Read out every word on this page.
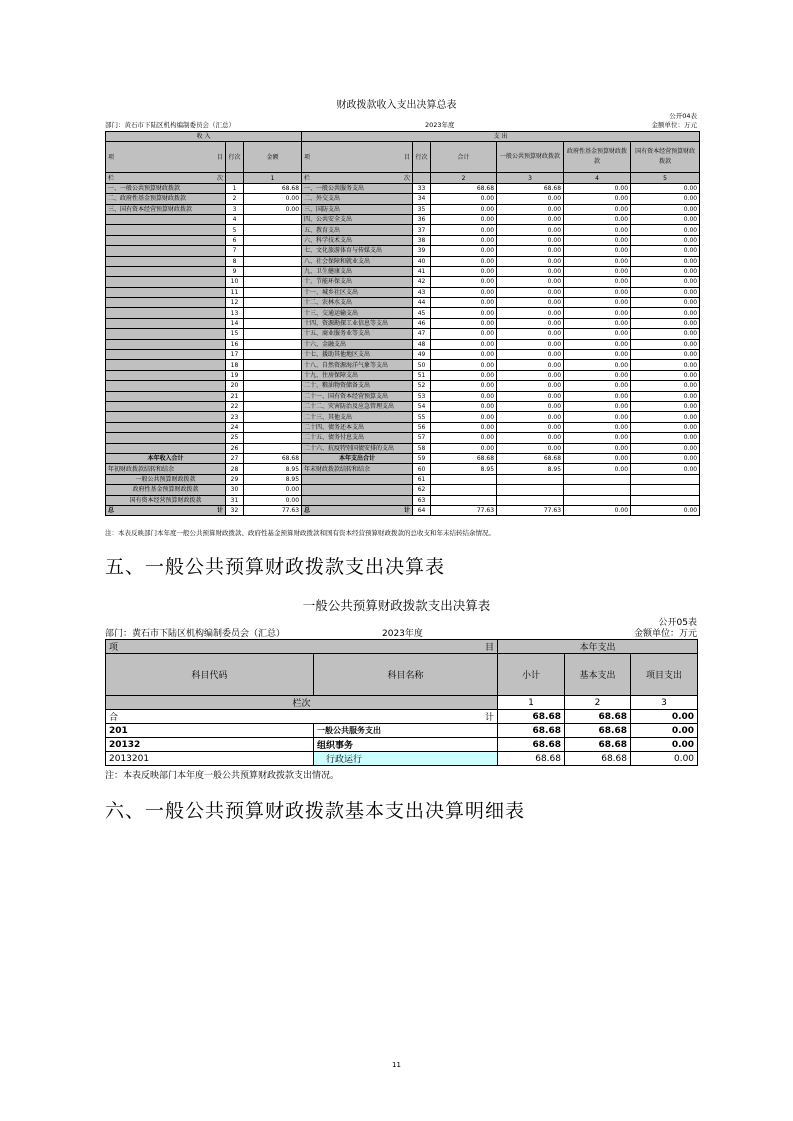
财政拨款收入支出决算总表
公开04表
部门：黄石市下陆区机构编制委员会（汇总）	2023年度	金额单位：万元
收 入			支 出					
项 目	行次	金额	项 目	行次	合计	一般公共预算财政拨款	政府性基金预算财政拨款	国有资本经营预算财政拨款
栏 次		1	栏 次		2	3	4	5
一、一般公共预算财政拨款	1	68.68	一、一般公共服务支出	33	68.68	68.68	0.00	0.00
二、政府性基金预算财政拨款	2	0.00	二、外交支出	34	0.00	0.00	0.00	0.00
三、国有资本经营预算财政拨款	3	0.00	三、国防支出	35	0.00	0.00	0.00	0.00
	4		四、公共安全支出	36	0.00	0.00	0.00	0.00
	5		五、教育支出	37	0.00	0.00	0.00	0.00
	6		六、科学技术支出	38	0.00	0.00	0.00	0.00
	7		七、文化旅游体育与传媒支出	39	0.00	0.00	0.00	0.00
	8		八、社会保障和就业支出	40	0.00	0.00	0.00	0.00
	9		九、卫生健康支出	41	0.00	0.00	0.00	0.00
	10		十、节能环保支出	42	0.00	0.00	0.00	0.00
	11		十一、城乡社区支出	43	0.00	0.00	0.00	0.00
	12		十二、农林水支出	44	0.00	0.00	0.00	0.00
	13		十三、交通运输支出	45	0.00	0.00	0.00	0.00
	14		十四、资源勘探工业信息等支出	46	0.00	0.00	0.00	0.00
	15		十五、商业服务业等支出	47	0.00	0.00	0.00	0.00
	16		十六、金融支出	48	0.00	0.00	0.00	0.00
	17		十七、援助其他地区支出	49	0.00	0.00	0.00	0.00
	18		十八、自然资源海洋气象等支出	50	0.00	0.00	0.00	0.00
	19		十九、住房保障支出	51	0.00	0.00	0.00	0.00
	20		二十、粮油物资储备支出	52	0.00	0.00	0.00	0.00
	21		二十一、国有资本经营预算支出	53	0.00	0.00	0.00	0.00
	22		二十二、灾害防治及应急管理支出	54	0.00	0.00	0.00	0.00
	23		二十三、其他支出	55	0.00	0.00	0.00	0.00
	24		二十四、债务还本支出	56	0.00	0.00	0.00	0.00
	25		二十五、债务付息支出	57	0.00	0.00	0.00	0.00
	26		二十六、抗疫特别国债安排的支出	58	0.00	0.00	0.00	0.00
本年收入合计	27	68.68	本年支出合计	59	68.68	68.68	0.00	0.00
年初财政拨款结转和结余	28	8.95	年末财政拨款结转和结余	60	8.95	8.95	0.00	0.00
一般公共预算财政拨款	29	8.95		61				
政府性基金预算财政拨款	30	0.00		62				
国有资本经营预算财政拨款	31	0.00		63				
总 计	32	77.63	总 计	64	77.63	77.63	0.00	0.00
注：本表反映部门本年度一般公共预算财政拨款、政府性基金预算财政拨款和国有资本经营预算财政拨款的总收支和年末结转结余情况。
五、一般公共预算财政拨款支出决算表
一般公共预算财政拨款支出决算表
公开05表
部门：黄石市下陆区机构编制委员会（汇总）	2023年度	金额单位：万元
项 目		本年支出		
科目代码	科目名称	小计	基本支出	项目支出
栏次		1	2	3
合 计		68.68	68.68	0.00
201	一般公共服务支出	68.68	68.68	0.00
20132	组织事务	68.68	68.68	0.00
2013201	行政运行	68.68	68.68	0.00
注：本表反映部门本年度一般公共预算财政拨款支出情况。
六、一般公共预算财政拨款基本支出决算明细表
11
